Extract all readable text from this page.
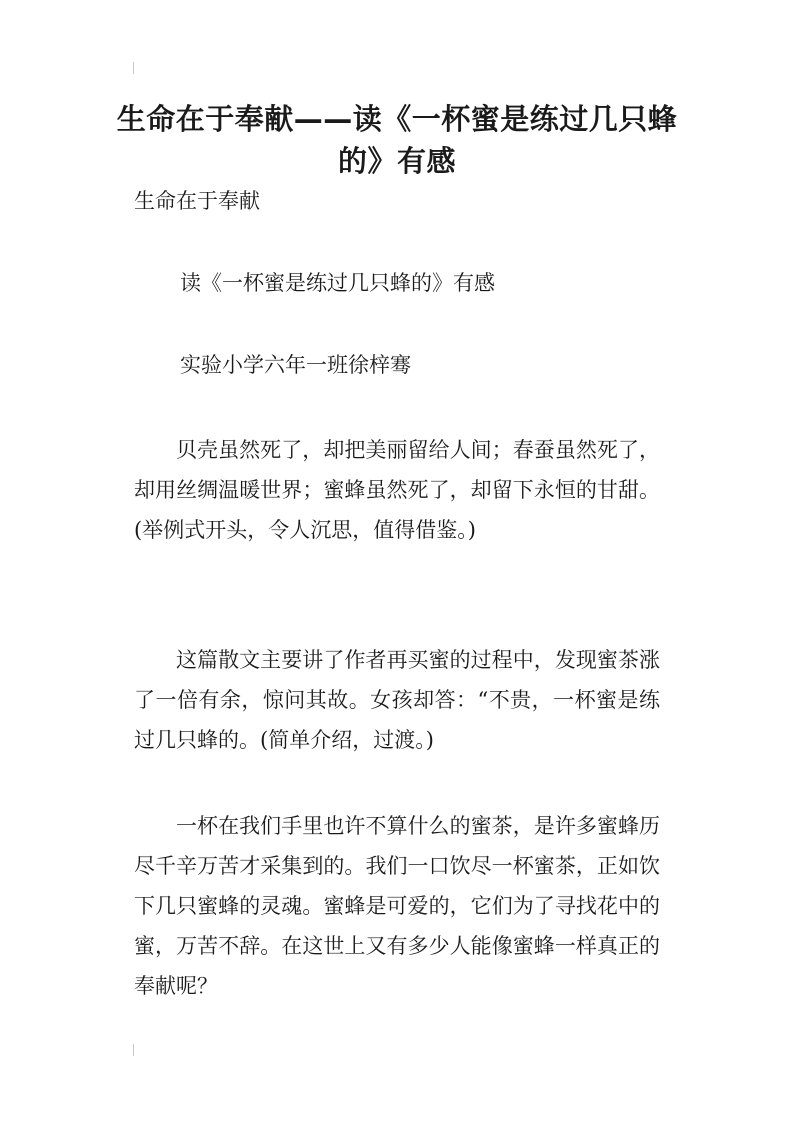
生命在于奉献——读《一杯蜜是练过几只蜂的》有感
生命在于奉献
读《一杯蜜是练过几只蜂的》有感
实验小学六年一班徐梓骞
贝壳虽然死了，却把美丽留给人间；春蚕虽然死了，却用丝绸温暖世界；蜜蜂虽然死了，却留下永恒的甘甜。(举例式开头，令人沉思，值得借鉴。)
这篇散文主要讲了作者再买蜜的过程中，发现蜜茶涨了一倍有余，惊问其故。女孩却答：“不贵，一杯蜜是练过几只蜂的。(简单介绍，过渡。)
一杯在我们手里也许不算什么的蜜茶，是许多蜜蜂历尽千辛万苦才采集到的。我们一口饮尽一杯蜜茶，正如饮下几只蜜蜂的灵魂。蜜蜂是可爱的，它们为了寻找花中的蜜，万苦不辞。在这世上又有多少人能像蜜蜂一样真正的奉献呢？
